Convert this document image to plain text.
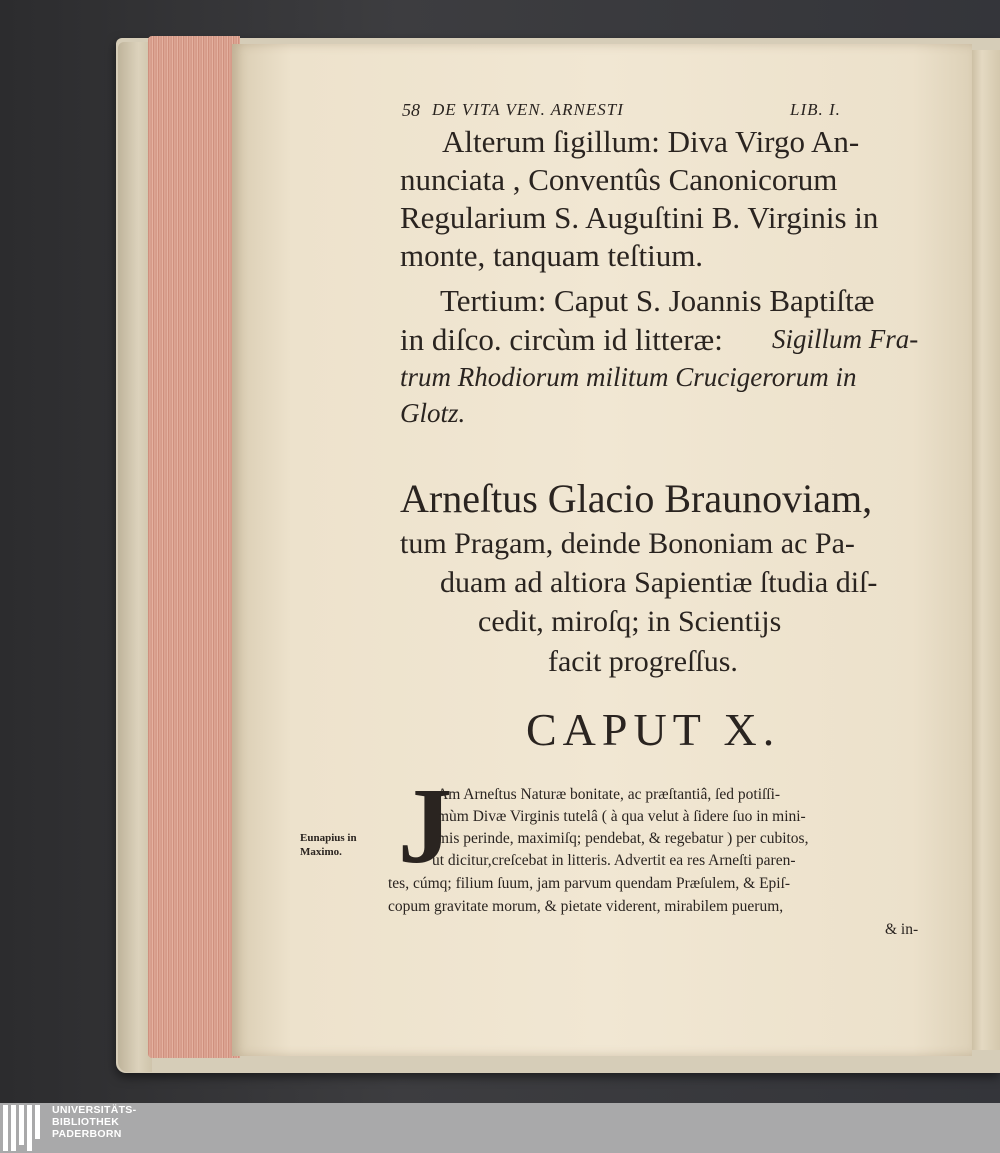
58 DE VITA VEN. ARNESTI	LIB. I.
Alterum ſigillum: Diva Virgo An-
nunciata , Conventûs Canonicorum
Regularium S. Auguſtini B. Virginis in
monte, tanquam teſtium.
Tertium: Caput S. Joannis Baptiſtæ
in diſco. circùm id litteræ: Sigillum Fra-
trum Rhodiorum militum Crucigerorum in
Glotz.
Arneſtus Glacio Braunoviam,
tum Pragam, deinde Bononiam ac Pa-
duam ad altiora Sapientiæ ſtudia diſ-
cedit, miroſq; in Scientijs
facit progreſſus.
CAPUT X.
J
Am Arneſtus Naturæ bonitate, ac præſtantiâ, ſed potiſſi-
mùm Divæ Virginis tutelâ ( à qua velut à ſidere ſuo in mini-
mis perinde, maximiſq; pendebat, & regebatur ) per cubitos,
ut dicitur,creſcebat in litteris. Advertit ea res Arneſti paren-
tes, cúmq; filium ſuum, jam parvum quendam Præſulem, & Epiſ-
copum gravitate morum, & pietate viderent, mirabilem puerum,
& in-
Eunapius in
Maximo.
UNIVERSITÄTS-
BIBLIOTHEK
PADERBORN
